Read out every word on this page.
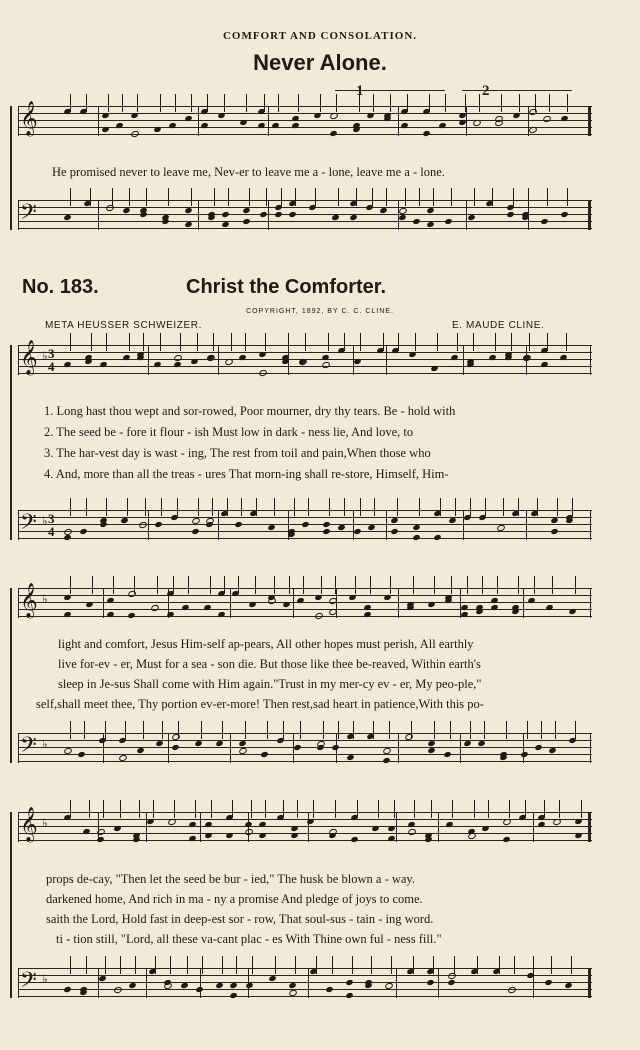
COMFORT AND CONSOLATION.
Never Alone.
1	2
𝄞
He promised never to leave me, Nev-er to leave me a - lone, leave me a - lone.
𝄢
No. 183.	Christ the Comforter.
COPYRIGHT, 1892, BY C. C. CLINE.
META HEUSSER SCHWEIZER.	E. MAUDE CLINE.
𝄞 ♭ 3
4
1. Long hast thou wept and sor-rowed, Poor mourner, dry thy tears. Be - hold with
2. The seed be - fore it flour - ish Must low in dark - ness lie, And love, to
3. The har-vest day is wast - ing, The rest from toil and pain,When those who
4. And, more than all the treas - ures That morn-ing shall re-store, Himself, Him-
𝄢 ♭ 3
4
𝄞 ♭
light and comfort, Jesus Him-self ap-pears, All other hopes must perish, All earthly
live for-ev - er, Must for a sea - son die. But those like thee be-reaved, Within earth's
sleep in Je-sus Shall come with Him again."Trust in my mer-cy ev - er, My peo-ple,"
self,shall meet thee, Thy portion ev-er-more! Then rest,sad heart in patience,With this po-
𝄢 ♭
𝄞 ♭
props de-cay, "Then let the seed be bur - ied," The husk be blown a - way.
darkened home, And rich in ma - ny a promise And pledge of joys to come.
saith the Lord, Hold fast in deep-est sor - row, That soul-sus - tain - ing word.
ti - tion still, "Lord, all these va-cant plac - es With Thine own ful - ness fill."
𝄢 ♭
